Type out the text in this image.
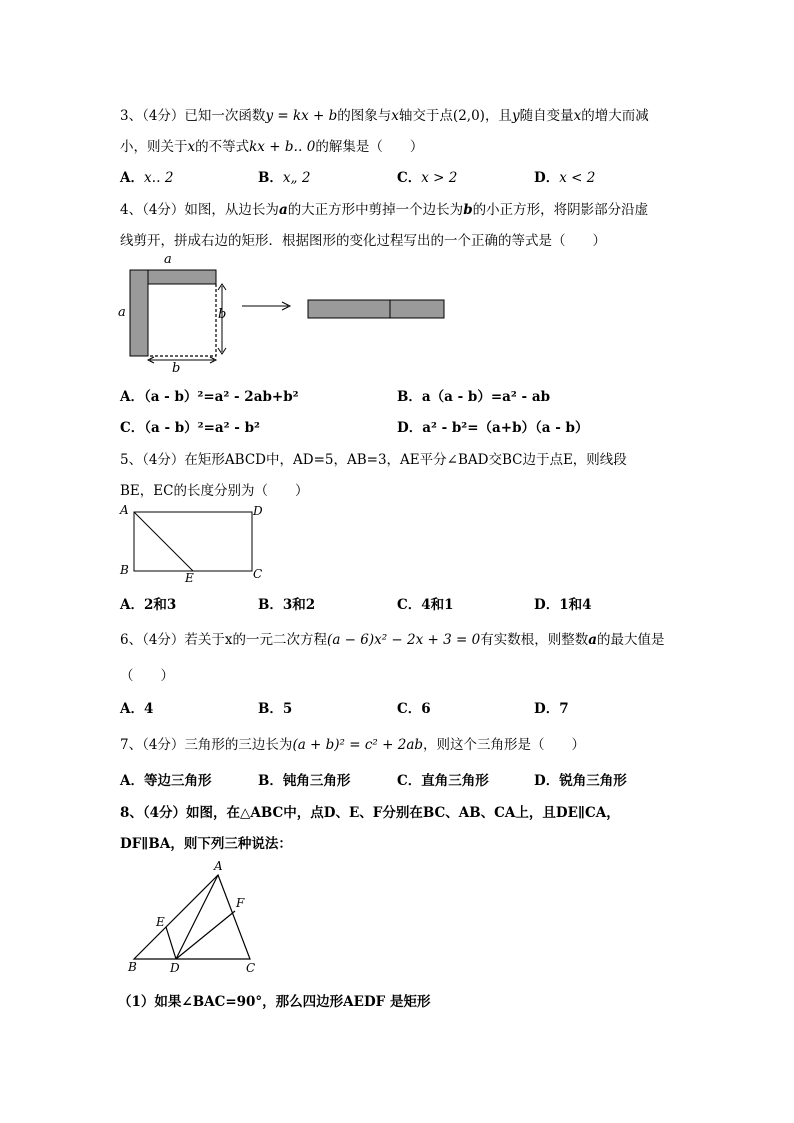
3、（4分）已知一次函数y = kx + b的图象与x轴交于点(2,0)，且y随自变量x的增大而减
小，则关于x的不等式kx + b‥ 0的解集是（　　）
A．x‥ 2	B．x„ 2	C．x > 2	D．x < 2
4、（4分）如图，从边长为a的大正方形中剪掉一个边长为b的小正方形，将阴影部分沿虚
线剪开，拼成右边的矩形．根据图形的变化过程写出的一个正确的等式是（　　）
a
a	b
b
A．（a - b）²=a² - 2ab+b²	B．a（a - b）=a² - ab
C．（a - b）²=a² - b²	D．a² - b²=（a+b）（a - b）
5、（4分）在矩形ABCD中，AD=5，AB=3，AE平分∠BAD交BC边于点E，则线段
BE，EC的长度分别为（　　）
A
B	C
D
E
A．2和3	B．3和2	C．4和1	D．1和4
6、（4分）若关于x的一元二次方程(a − 6)x² − 2x + 3 = 0有实数根，则整数a的最大值是
（　　）
A．4	B．5	C．6	D．7
7、（4分）三角形的三边长为(a + b)² = c² + 2ab，则这个三角形是（　　）
A．等边三角形	B．钝角三角形	C．直角三角形	D．锐角三角形
8、（4分）如图，在△ABC中，点D、E、F分别在BC、AB、CA上，且DE∥CA，
DF∥BA，则下列三种说法：
A
B	C
D
E
F
（1）如果∠BAC=90°，那么四边形AEDF 是矩形
